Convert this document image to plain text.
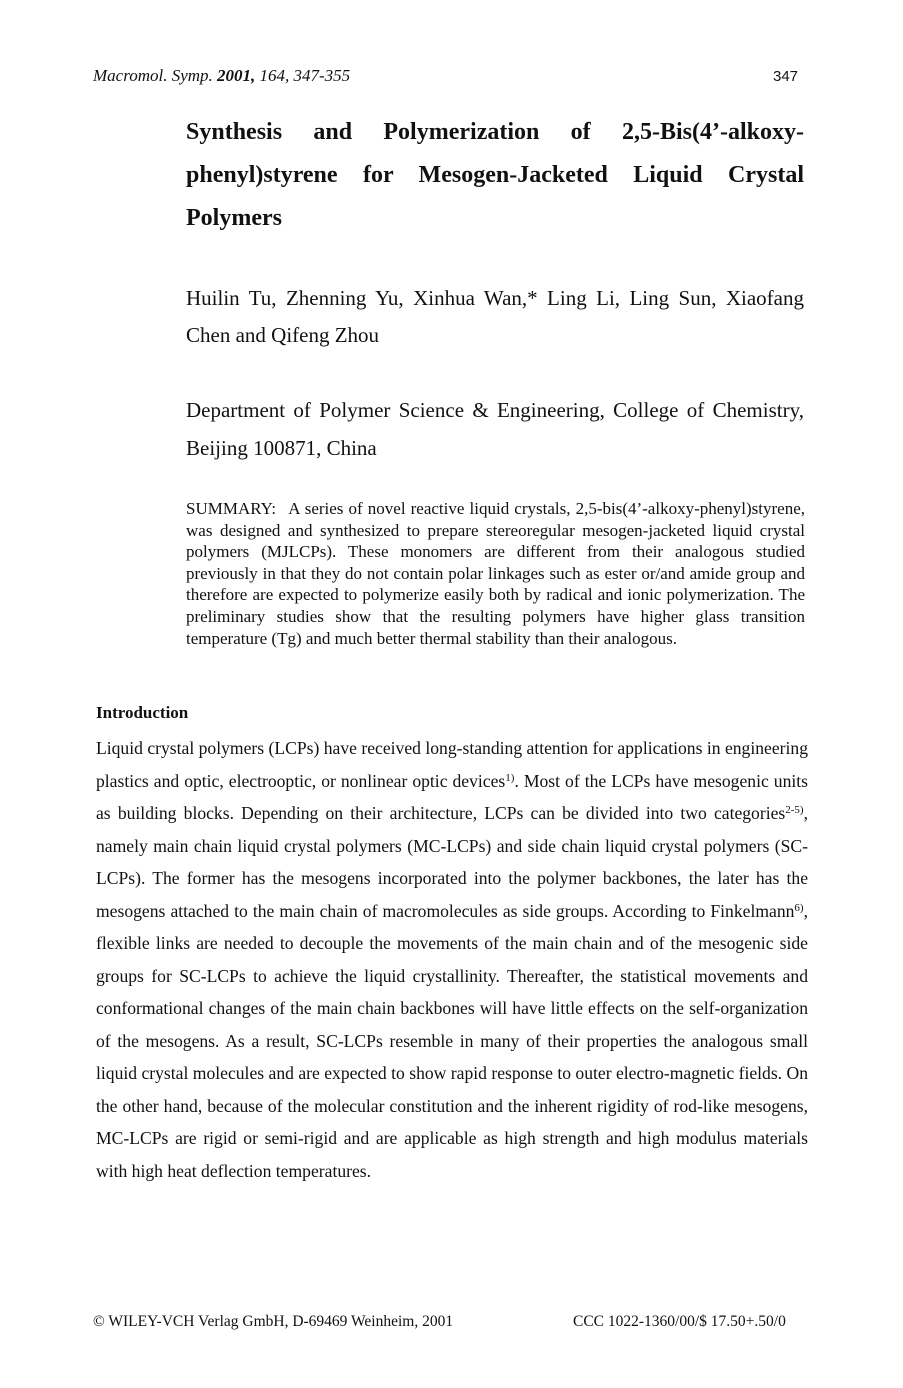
Macromol. Symp. 2001, 164, 347-355	347
Synthesis and Polymerization of 2,5-Bis(4’-alkoxy-phenyl)styrene for Mesogen-Jacketed Liquid Crystal Polymers
Huilin Tu, Zhenning Yu, Xinhua Wan,* Ling Li, Ling Sun, Xiaofang Chen and Qifeng Zhou
Department of Polymer Science & Engineering, College of Chemistry, Beijing 100871, China
SUMMARY: A series of novel reactive liquid crystals, 2,5-bis(4’-alkoxy-phenyl)styrene, was designed and synthesized to prepare stereoregular mesogen-jacketed liquid crystal polymers (MJLCPs). These monomers are different from their analogous studied previously in that they do not contain polar linkages such as ester or/and amide group and therefore are expected to polymerize easily both by radical and ionic polymerization. The preliminary studies show that the resulting polymers have higher glass transition temperature (Tg) and much better thermal stability than their analogous.
Introduction
Liquid crystal polymers (LCPs) have received long-standing attention for applications in engineering plastics and optic, electrooptic, or nonlinear optic devices$^{1)}$. Most of the LCPs have mesogenic units as building blocks. Depending on their architecture, LCPs can be divided into two categories$^{2-5)}$, namely main chain liquid crystal polymers (MC-LCPs) and side chain liquid crystal polymers (SC-LCPs). The former has the mesogens incorporated into the polymer backbones, the later has the mesogens attached to the main chain of macromolecules as side groups. According to Finkelmann$^{6)}$, flexible links are needed to decouple the movements of the main chain and of the mesogenic side groups for SC-LCPs to achieve the liquid crystallinity. Thereafter, the statistical movements and conformational changes of the main chain backbones will have little effects on the self-organization of the mesogens. As a result, SC-LCPs resemble in many of their properties the analogous small liquid crystal molecules and are expected to show rapid response to outer electro-magnetic fields. On the other hand, because of the molecular constitution and the inherent rigidity of rod-like mesogens, MC-LCPs are rigid or semi-rigid and are applicable as high strength and high modulus materials with high heat deflection temperatures.
© WILEY-VCH Verlag GmbH, D-69469 Weinheim, 2001	CCC 1022-1360/00/$ 17.50+.50/0
